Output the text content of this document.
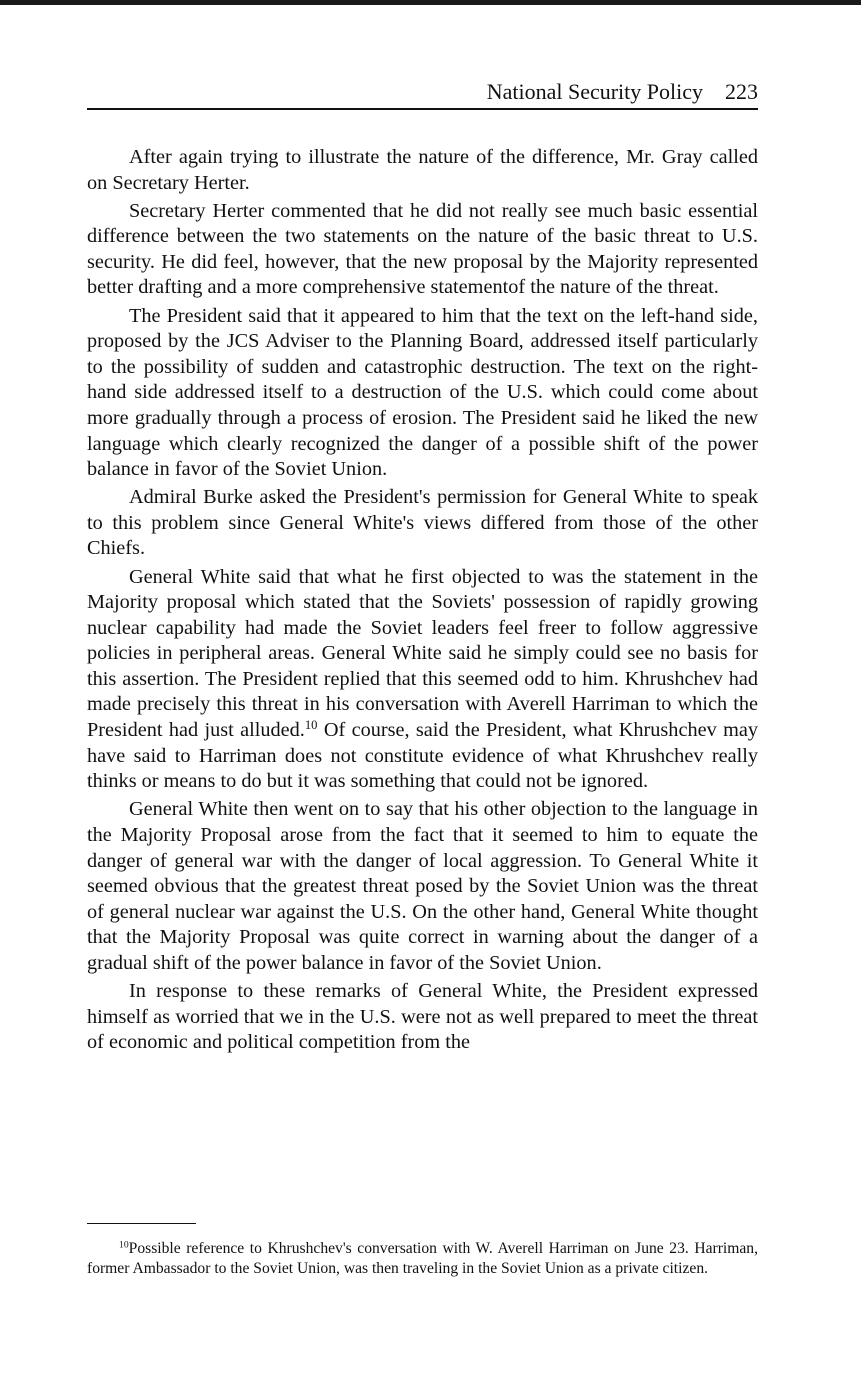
National Security Policy 223

After again trying to illustrate the nature of the difference, Mr. Gray called on Secretary Herter.

Secretary Herter commented that he did not really see much basic essential difference between the two statements on the nature of the basic threat to U.S. security. He did feel, however, that the new proposal by the Majority represented better drafting and a more comprehensive statementof the nature of the threat.

The President said that it appeared to him that the text on the left-hand side, proposed by the JCS Adviser to the Planning Board, addressed itself particularly to the possibility of sudden and catastrophic destruction. The text on the right-hand side addressed itself to a destruction of the U.S. which could come about more gradually through a process of erosion. The President said he liked the new language which clearly recognized the danger of a possible shift of the power balance in favor of the Soviet Union.

Admiral Burke asked the President's permission for General White to speak to this problem since General White's views differed from those of the other Chiefs.

General White said that what he first objected to was the statement in the Majority proposal which stated that the Soviets' possession of rapidly growing nuclear capability had made the Soviet leaders feel freer to follow aggressive policies in peripheral areas. General White said he simply could see no basis for this assertion. The President replied that this seemed odd to him. Khrushchev had made precisely this threat in his conversation with Averell Harriman to which the President had just alluded.$^{10}$ Of course, said the President, what Khrushchev may have said to Harriman does not constitute evidence of what Khrushchev really thinks or means to do but it was something that could not be ignored.

General White then went on to say that his other objection to the language in the Majority Proposal arose from the fact that it seemed to him to equate the danger of general war with the danger of local aggression. To General White it seemed obvious that the greatest threat posed by the Soviet Union was the threat of general nuclear war against the U.S. On the other hand, General White thought that the Majority Proposal was quite correct in warning about the danger of a gradual shift of the power balance in favor of the Soviet Union.

In response to these remarks of General White, the President expressed himself as worried that we in the U.S. were not as well prepared to meet the threat of economic and political competition from the

$^{10}$Possible reference to Khrushchev's conversation with W. Averell Harriman on June 23. Harriman, former Ambassador to the Soviet Union, was then traveling in the Soviet Union as a private citizen.
